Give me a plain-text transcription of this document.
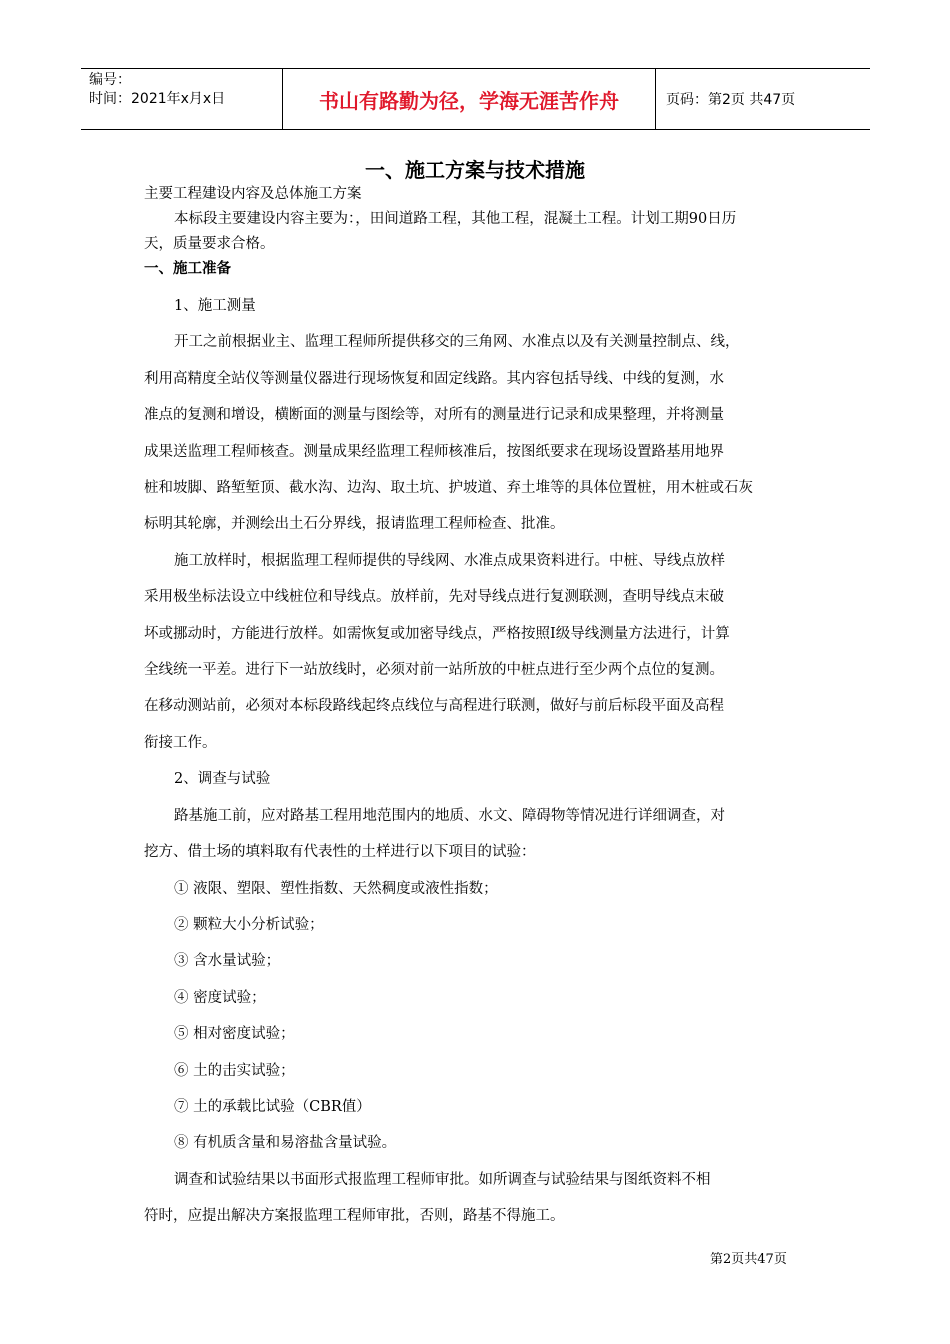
编号：
时间：2021年x月x日	书山有路勤为径，学海无涯苦作舟	页码：第2页 共47页
一、施工方案与技术措施
主要工程建设内容及总体施工方案
本标段主要建设内容主要为：，田间道路工程，其他工程，混凝土工程。计划工期90日历
天，质量要求合格。
一、施工准备
1、施工测量
开工之前根据业主、监理工程师所提供移交的三角网、水准点以及有关测量控制点、线，
利用高精度全站仪等测量仪器进行现场恢复和固定线路。其内容包括导线、中线的复测，水
准点的复测和增设，横断面的测量与图绘等，对所有的测量进行记录和成果整理，并将测量
成果送监理工程师核查。测量成果经监理工程师核准后，按图纸要求在现场设置路基用地界
桩和坡脚、路堑堑顶、截水沟、边沟、取土坑、护坡道、弃土堆等的具体位置桩，用木桩或石灰
标明其轮廓，并测绘出土石分界线，报请监理工程师检查、批准。
施工放样时，根据监理工程师提供的导线网、水准点成果资料进行。中桩、导线点放样
采用极坐标法设立中线桩位和导线点。放样前，先对导线点进行复测联测，查明导线点末破
坏或挪动时，方能进行放样。如需恢复或加密导线点，严格按照Ⅰ级导线测量方法进行，计算
全线统一平差。进行下一站放线时，必须对前一站所放的中桩点进行至少两个点位的复测。
在移动测站前，必须对本标段路线起终点线位与高程进行联测，做好与前后标段平面及高程
衔接工作。
2、调查与试验
路基施工前，应对路基工程用地范围内的地质、水文、障碍物等情况进行详细调查，对
挖方、借土场的填料取有代表性的土样进行以下项目的试验：
① 液限、塑限、塑性指数、天然稠度或液性指数；
② 颗粒大小分析试验；
③ 含水量试验；
④ 密度试验；
⑤ 相对密度试验；
⑥ 土的击实试验；
⑦ 土的承载比试验（CBR值）
⑧ 有机质含量和易溶盐含量试验。
调查和试验结果以书面形式报监理工程师审批。如所调查与试验结果与图纸资料不相
符时，应提出解决方案报监理工程师审批，否则，路基不得施工。
第2页共47页
